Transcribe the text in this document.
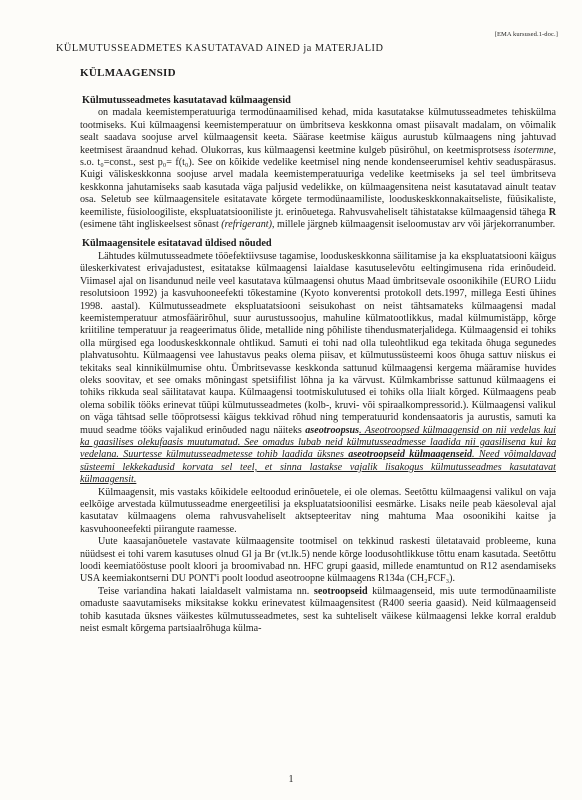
[EMA kursused.1-doc.]
KÜLMUTUSSEADMETES KASUTATAVAD AINED ja MATERJALID
KÜLMAAGENSID

Külmutusseadmetes kasutatavad külmaagensid

on madala keemistemperatuuriga termodünaamilised kehad, mida kasutatakse külmutusseadmetes tehiskülma tootmiseks. Kui külmaagensi keemistemperatuur on ümbritseva keskkonna omast piisavalt madalam, on võimalik sealt saadava soojuse arvel külmaagensit keeta. Säärase keetmise käigus aurustub külmaagens ning jahtuvad keetmisest äraandnud kehad. Olukorras, kus külmaagensi keetmine kulgeb püsiröhul, on keetmisprotsess isotermne, s.o. t₀=const., sest p₀= f(t₀). See on kõikide vedelike keetmisel ning nende kondenseerumisel kehtiv seaduspärasus. Kuigi väliskeskkonna soojuse arvel madala keemistemperatuuriga vedelike keetmiseks ja sel teel ümbritseva keskkonna jahutamiseks saab kasutada väga paljusid vedelikke, on külmaagensitena neist kasutatavad ainult teatav osa. Seletub see külmaagensitele esitatavate kõrgete termodünaamiliste, looduskeskkonnakaitseliste, füüsikaliste, keemiliste, füsioloogiliste, ekspluatatsiooniliste jt. erinõuetega. Rahvusvaheliselt tähistatakse külmaagensid tähega R (esimene täht ingliskeelsest sõnast (refrigerant), millele järgneb külmaagensit iseloomustav arv või järjekorranumber.

Külmaagensitele esitatavad üldised nõuded

Lähtudes külmutusseadmete tööefektiivsuse tagamise, looduskeskkonna säilitamise ja ka ekspluatatsiooni käigus üleskerkivatest erivajadustest, esitatakse külmaagensi laialdase kasutuselevõtu eeltingimusena rida erinõudeid. Viimasel ajal on lisandunud neile veel kasutatava külmaagensi ohutus Maad ümbritsevale osoonikihile (EURO Liidu resolutsioon 1992) ja kasvuhooneefekti tõkestamine (Kyoto konverentsi protokoll dets.1997, millega Eesti ühines 1998. aastal). Külmutusseadmete ekspluatatsiooni seisukohast on neist tähtsamateks külmaagensi madal keemistemperatuur atmosfäärirõhul, suur aurustussoojus, mahuline külmatootlikkus, madal külmumistäpp, kõrge kriitiline temperatuur ja reageerimatus õlide, metallide ning põhiliste tihendusmaterjalidega. Külmaagensid ei tohiks olla mürgised ega looduskeskkonnale ohtlikud. Samuti ei tohi nad olla tuleohtlikud ega tekitada õhuga segunedes plahvatusohtu. Külmaagensi vee lahustavus peaks olema piisav, et külmutussüsteemi koos õhuga sattuv niiskus ei tekitaks seal kinnikülmumise ohtu. Ümbritsevasse keskkonda sattunud külmaagensi kergema määramise huvides oleks soovitav, et see omaks mõningast spetsiifilist lõhna ja ka värvust. Külmkambrisse sattunud külmaagens ei tohiks rikkuda seal säilitatavat kaupa. Külmaagensi tootmiskulutused ei tohiks olla liialt kõrged. Külmaagens peab olema sobilik tööks erinevat tüüpi külmutusseadmetes (kolb-, kruvi- või spiraalkompressorid.). Külmaagensi valikul on väga tähtsad selle tööprotsessi käigus tekkivad rõhud ning temperatuurid kondensaatoris ja aurustis, samuti ka muud seadme tööks vajalikud erinõuded nagu näiteks aseotroopsus. Aseotroopsed külmaagensid on nii vedelas kui ka gaasilises olekufaasis muutumatud. See omadus lubab neid külmutusseadmesse laadida nii gaasilisena kui ka vedelana. Suurtesse külmutusseadmetesse tohib laadida üksnes aseotroopseid külmaagenseid. Need võimaldavad süsteemi lekkekadusid korvata sel teel, et sinna lastakse vajalik lisakogus külmutusseadmes kasutatavat külmaagensit.

Külmaagensit, mis vastaks kõikidele eeltoodud erinõuetele, ei ole olemas. Seetõttu külmaagensi valikul on vaja eelkõige arvestada külmutusseadme energeetilisi ja ekspluatatsioonilisi eesmärke. Lisaks neile peab käesoleval ajal kasutatav külmaagens olema rahvusvaheliselt aktsepteeritav ning mahtuma Maa osoonikihi kaitse ja kasvuhooneefekti piirangute raamesse.

Uute kaasajanõuetele vastavate külmaagensite tootmisel on tekkinud raskesti ületatavaid probleeme, kuna nüüdsest ei tohi varem kasutuses olnud Gl ja Br (vt.lk.5) nende kõrge loodusohtlikkuse tõttu enam kasutada. Seetõttu loodi keemiatööstuse poolt kloori ja broomivabad nn. HFC grupi gaasid, millede enamtuntud on R12 asendamiseks USA keemiakontserni DU PONT'i poolt loodud aseotroopne külmaagens R134a (CH₂FCF₃).

Teise variandina hakati laialdaselt valmistama nn. seotroopseid külmaagenseid, mis uute termodünaamiliste omaduste saavutamiseks miksitakse kokku erinevatest külmaagensitest (R400 seeria gaasid). Neid külmaagenseid tohib kasutada üksnes väikestes külmutusseadmetes, sest ka suhteliselt väikese külmaagensi lekke korral eraldub neist esmalt kõrgema partsiaalrõhuga külma-

1
